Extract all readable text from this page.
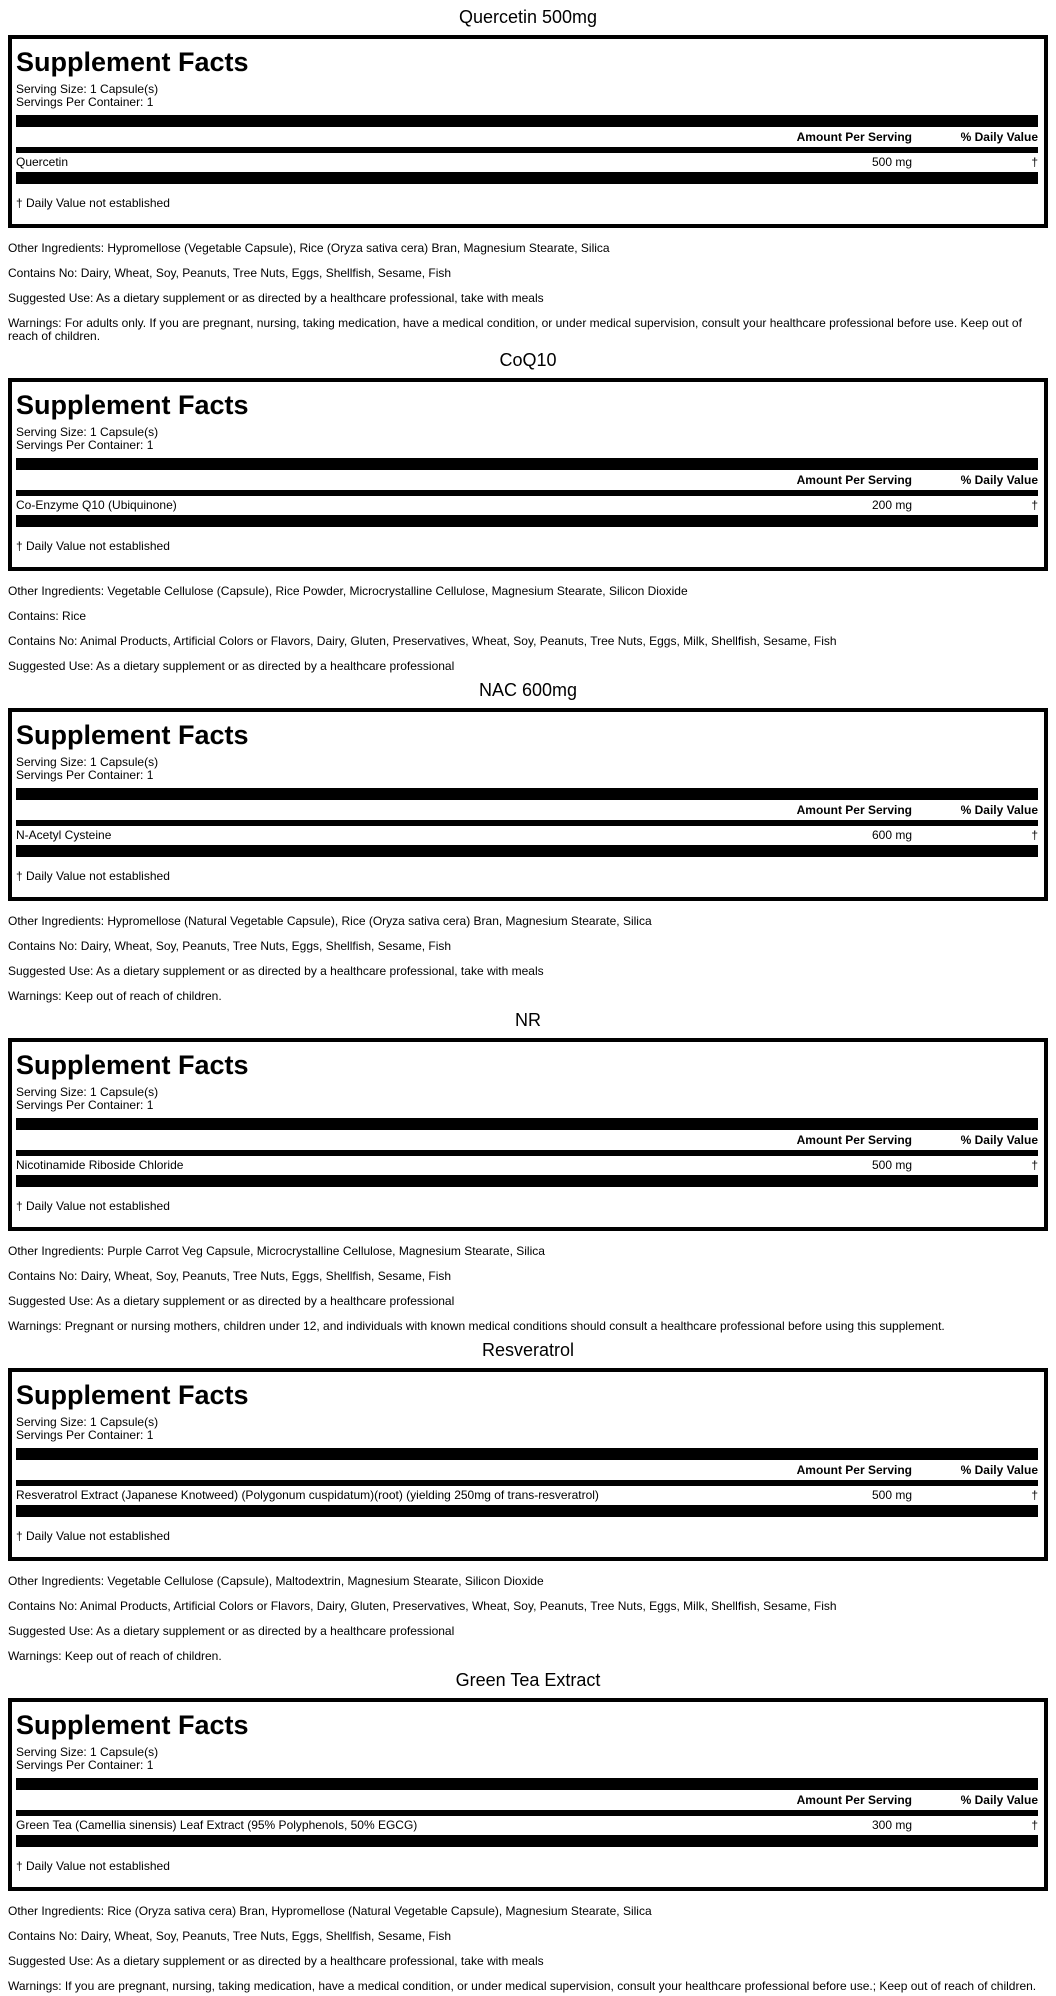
Quercetin 500mg
Supplement Facts
Serving Size: 1 Capsule(s)
Servings Per Container: 1
Amount Per Serving	% Daily Value
Quercetin	500 mg	†
† Daily Value not established

Other Ingredients: Hypromellose (Vegetable Capsule), Rice (Oryza sativa cera) Bran, Magnesium Stearate, Silica

Contains No: Dairy, Wheat, Soy, Peanuts, Tree Nuts, Eggs, Shellfish, Sesame, Fish

Suggested Use: As a dietary supplement or as directed by a healthcare professional, take with meals

Warnings: For adults only. If you are pregnant, nursing, taking medication, have a medical condition, or under medical supervision, consult your healthcare professional before use. Keep out of reach of children.

CoQ10
Supplement Facts
Serving Size: 1 Capsule(s)
Servings Per Container: 1
Amount Per Serving	% Daily Value
Co-Enzyme Q10 (Ubiquinone)	200 mg	†
† Daily Value not established

Other Ingredients: Vegetable Cellulose (Capsule), Rice Powder, Microcrystalline Cellulose, Magnesium Stearate, Silicon Dioxide

Contains: Rice

Contains No: Animal Products, Artificial Colors or Flavors, Dairy, Gluten, Preservatives, Wheat, Soy, Peanuts, Tree Nuts, Eggs, Milk, Shellfish, Sesame, Fish

Suggested Use: As a dietary supplement or as directed by a healthcare professional

NAC 600mg
Supplement Facts
Serving Size: 1 Capsule(s)
Servings Per Container: 1
Amount Per Serving	% Daily Value
N-Acetyl Cysteine	600 mg	†
† Daily Value not established

Other Ingredients: Hypromellose (Natural Vegetable Capsule), Rice (Oryza sativa cera) Bran, Magnesium Stearate, Silica

Contains No: Dairy, Wheat, Soy, Peanuts, Tree Nuts, Eggs, Shellfish, Sesame, Fish

Suggested Use: As a dietary supplement or as directed by a healthcare professional, take with meals

Warnings: Keep out of reach of children.

NR
Supplement Facts
Serving Size: 1 Capsule(s)
Servings Per Container: 1
Amount Per Serving	% Daily Value
Nicotinamide Riboside Chloride	500 mg	†
† Daily Value not established

Other Ingredients: Purple Carrot Veg Capsule, Microcrystalline Cellulose, Magnesium Stearate, Silica

Contains No: Dairy, Wheat, Soy, Peanuts, Tree Nuts, Eggs, Shellfish, Sesame, Fish

Suggested Use: As a dietary supplement or as directed by a healthcare professional

Warnings: Pregnant or nursing mothers, children under 12, and individuals with known medical conditions should consult a healthcare professional before using this supplement.

Resveratrol
Supplement Facts
Serving Size: 1 Capsule(s)
Servings Per Container: 1
Amount Per Serving	% Daily Value
Resveratrol Extract (Japanese Knotweed) (Polygonum cuspidatum)(root) (yielding 250mg of trans-resveratrol)	500 mg	†
† Daily Value not established

Other Ingredients: Vegetable Cellulose (Capsule), Maltodextrin, Magnesium Stearate, Silicon Dioxide

Contains No: Animal Products, Artificial Colors or Flavors, Dairy, Gluten, Preservatives, Wheat, Soy, Peanuts, Tree Nuts, Eggs, Milk, Shellfish, Sesame, Fish

Suggested Use: As a dietary supplement or as directed by a healthcare professional

Warnings: Keep out of reach of children.

Green Tea Extract
Supplement Facts
Serving Size: 1 Capsule(s)
Servings Per Container: 1
Amount Per Serving	% Daily Value
Green Tea (Camellia sinensis) Leaf Extract (95% Polyphenols, 50% EGCG)	300 mg	†
† Daily Value not established

Other Ingredients: Rice (Oryza sativa cera) Bran, Hypromellose (Natural Vegetable Capsule), Magnesium Stearate, Silica

Contains No: Dairy, Wheat, Soy, Peanuts, Tree Nuts, Eggs, Shellfish, Sesame, Fish

Suggested Use: As a dietary supplement or as directed by a healthcare professional, take with meals

Warnings: If you are pregnant, nursing, taking medication, have a medical condition, or under medical supervision, consult your healthcare professional before use.; Keep out of reach of children.
